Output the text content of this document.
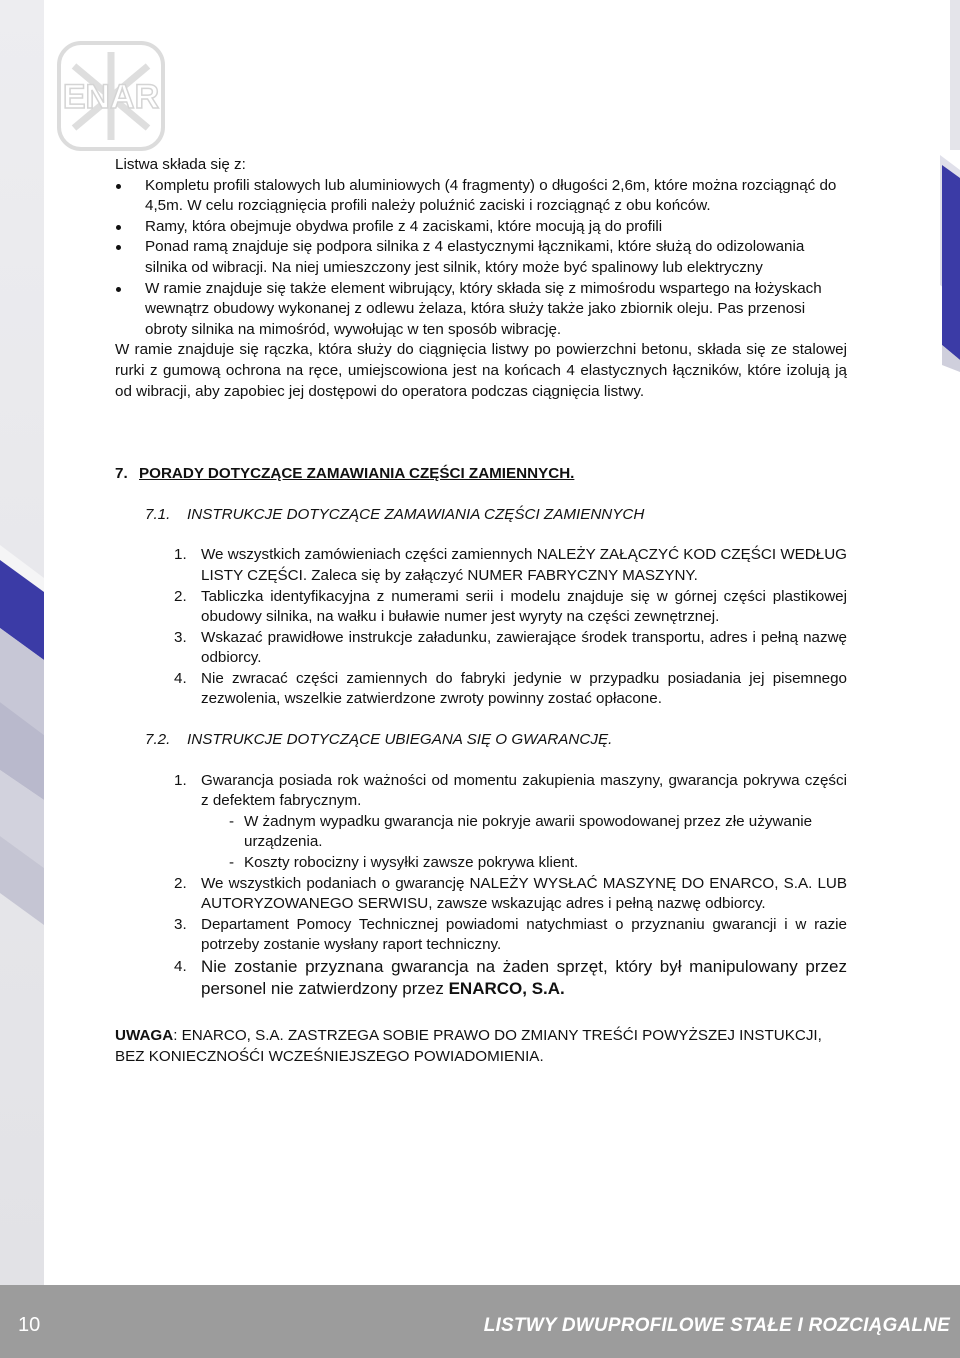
ENAR

Listwa składa się z:

Kompletu profili stalowych lub aluminiowych (4 fragmenty) o długości 2,6m, które można rozciągnąć do 4,5m. W celu rozciągnięcia profili należy poluźnić zaciski i rozciągnąć z obu końców.
Ramy, która obejmuje obydwa profile z 4 zaciskami, które mocują ją do profili
Ponad ramą znajduje się podpora silnika z 4 elastycznymi łącznikami, które służą do odizolowania silnika od wibracji. Na niej umieszczony jest silnik, który może być spalinowy lub elektryczny
W ramie znajduje się także element wibrujący, który składa się z mimośrodu wspartego na łożyskach wewnątrz obudowy wykonanej z odlewu żelaza, która służy także jako zbiornik oleju. Pas przenosi obroty silnika na mimośród, wywołując w ten sposób wibrację.

W ramie znajduje się rączka, która służy do ciągnięcia listwy po powierzchni betonu, składa się ze stalowej rurki z gumową ochrona na ręce, umiejscowiona jest na końcach 4 elastycznych łączników, które izolują ją od wibracji, aby zapobiec jej dostępowi do operatora podczas ciągnięcia listwy.

7. PORADY DOTYCZĄCE ZAMAWIANIA CZĘŚCI ZAMIENNYCH.
7.1. INSTRUKCJE DOTYCZĄCE ZAMAWIANIA CZĘŚCI ZAMIENNYCH
1. We wszystkich zamówieniach części zamiennych NALEŻY ZAŁĄCZYĆ KOD CZĘŚCI WEDŁUG LISTY CZĘŚCI. Zaleca się by załączyć NUMER FABRYCZNY MASZYNY.
2. Tabliczka identyfikacyjna z numerami serii i modelu znajduje się w górnej części plastikowej obudowy silnika, na wałku i buławie numer jest wyryty na części zewnętrznej.
3. Wskazać prawidłowe instrukcje załadunku, zawierające środek transportu, adres i pełną nazwę odbiorcy.
4. Nie zwracać części zamiennych do fabryki jedynie w przypadku posiadania jej pisemnego zezwolenia, wszelkie zatwierdzone zwroty powinny zostać opłacone.
7.2. INSTRUKCJE DOTYCZĄCE UBIEGANA SIĘ O GWARANCJĘ.
1. Gwarancja posiada rok ważności od momentu zakupienia maszyny, gwarancja pokrywa części z defektem fabrycznym.
- W żadnym wypadku gwarancja nie pokryje awarii spowodowanej przez złe używanie urządzenia.
- Koszty robocizny i wysyłki zawsze pokrywa klient.
2. We wszystkich podaniach o gwarancję NALEŻY WYSŁAĆ MASZYNĘ DO ENARCO, S.A. LUB AUTORYZOWANEGO SERWISU, zawsze wskazując adres i pełną nazwę odbiorcy.
3. Departament Pomocy Technicznej powiadomi natychmiast o przyznaniu gwarancji i w razie potrzeby zostanie wysłany raport techniczny.
4. Nie zostanie przyznana gwarancja na żaden sprzęt, który był manipulowany przez personel nie zatwierdzony przez ENARCO, S.A.

UWAGA: ENARCO, S.A. ZASTRZEGA SOBIE PRAWO DO ZMIANY TREŚĆI POWYŻSZEJ INSTUKCJI, BEZ KONIECZNOŚĆI WCZEŚNIEJSZEGO POWIADOMIENIA.

10	LISTWY DWUPROFILOWE STAŁE I ROZCIĄGALNE
